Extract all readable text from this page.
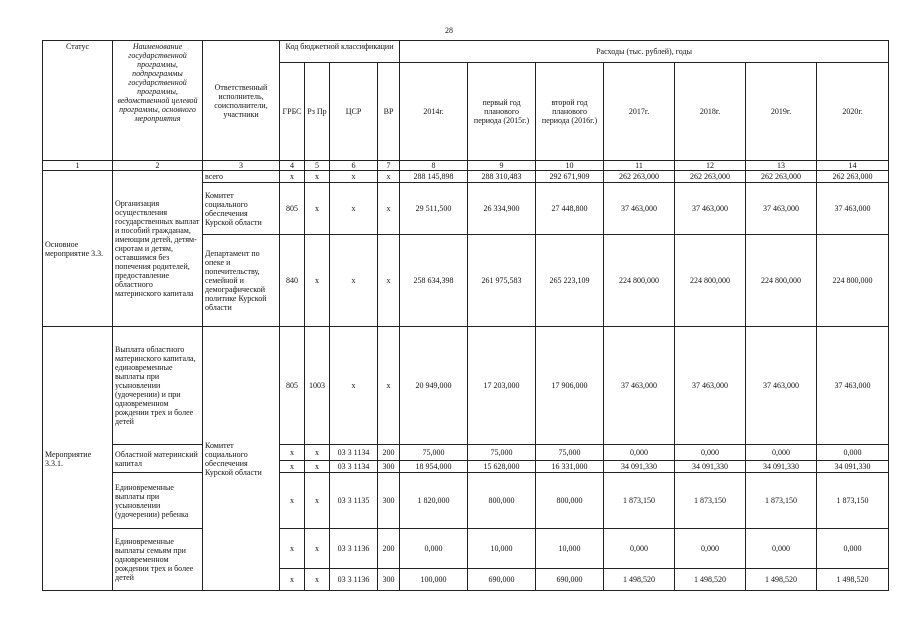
28
Статус	Наименование государственной программы, подпрограммы государственной программы, ведомственной целевой программы, основного мероприятия	Ответственный исполнитель, соисполнители, участники	Код бюджетной классификации				Расходы (тыс. рублей), годы						
			ГРБС	Рз Пр	ЦСР	ВР	2014г.	первый год планового периода (2015г.)	второй год планового периода (2016г.)	2017г.	2018г.	2019г.	2020г.
1	2	3	4	5	6	7	8	9	10	11	12	13	14
Основное мероприятие 3.3.	Организация осуществления государственных выплат и пособий гражданам, имеющим детей, детям-сиротам и детям, оставшимся без попечения родителей, предоставление областного материнского капитала	всего	х	х	х	х	288 145,898	288 310,483	292 671,909	262 263,000	262 263,000	262 263,000	262 263,000
		Комитет социального обеспечения Курской области	805	х	х	х	29 511,500	26 334,900	27 448,800	37 463,000	37 463,000	37 463,000	37 463,000
		Департамент по опеке и попечительству, семейной и демографической политике Курской области	840	х	х	х	258 634,398	261 975,583	265 223,109	224 800,000	224 800,000	224 800,000	224 800,000
Мероприятие 3.3.1.	Выплата областного материнского капитала, единовременные выплаты при усыновлении (удочерении) и при одновременном рождении трех и более детей	Комитет социального обеспечения Курской области	805	1003	х	х	20 949,000	17 203,000	17 906,000	37 463,000	37 463,000	37 463,000	37 463,000
	Областной материнский капитал		х	х	03 3 1134	200	75,000	75,000	75,000	0,000	0,000	0,000	0,000
			х	х	03 3 1134	300	18 954,000	15 628,000	16 331,000	34 091,330	34 091,330	34 091,330	34 091,330
	Единовременные выплаты при усыновлении (удочерении) ребенка		х	х	03 3 1135	300	1 820,000	800,000	800,000	1 873,150	1 873,150	1 873,150	1 873,150
	Единовременные выплаты семьям при одновременном рождении трех и более детей		х	х	03 3 1136	200	0,000	10,000	10,000	0,000	0,000	0,000	0,000
			х	х	03 3 1136	300	100,000	690,000	690,000	1 498,520	1 498,520	1 498,520	1 498,520
